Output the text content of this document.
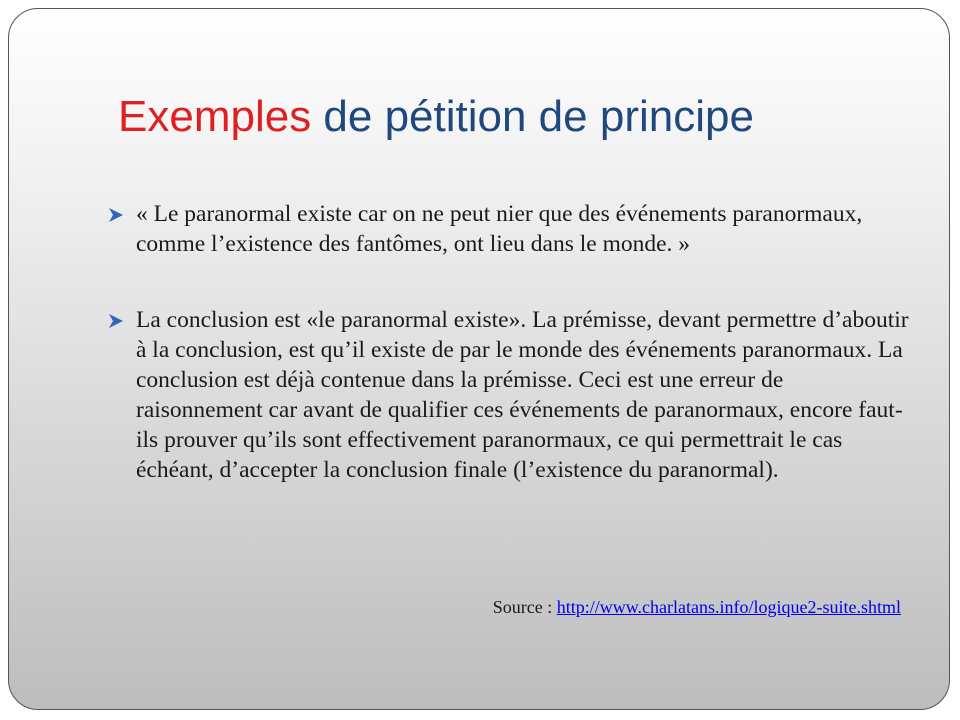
Exemples de pétition de principe
« Le paranormal existe car on ne peut nier que des événements paranormaux, comme l’existence des fantômes, ont lieu dans le monde. »
La conclusion est «le paranormal existe». La prémisse, devant permettre d’aboutir à la conclusion, est qu’il existe de par le monde des événements paranormaux. La conclusion est déjà contenue dans la prémisse. Ceci est une erreur de raisonnement car avant de qualifier ces événements de paranormaux, encore faut-ils prouver qu’ils sont effectivement paranormaux, ce qui permettrait le cas échéant, d’accepter la conclusion finale (l’existence du paranormal).
Source : http://www.charlatans.info/logique2-suite.shtml
